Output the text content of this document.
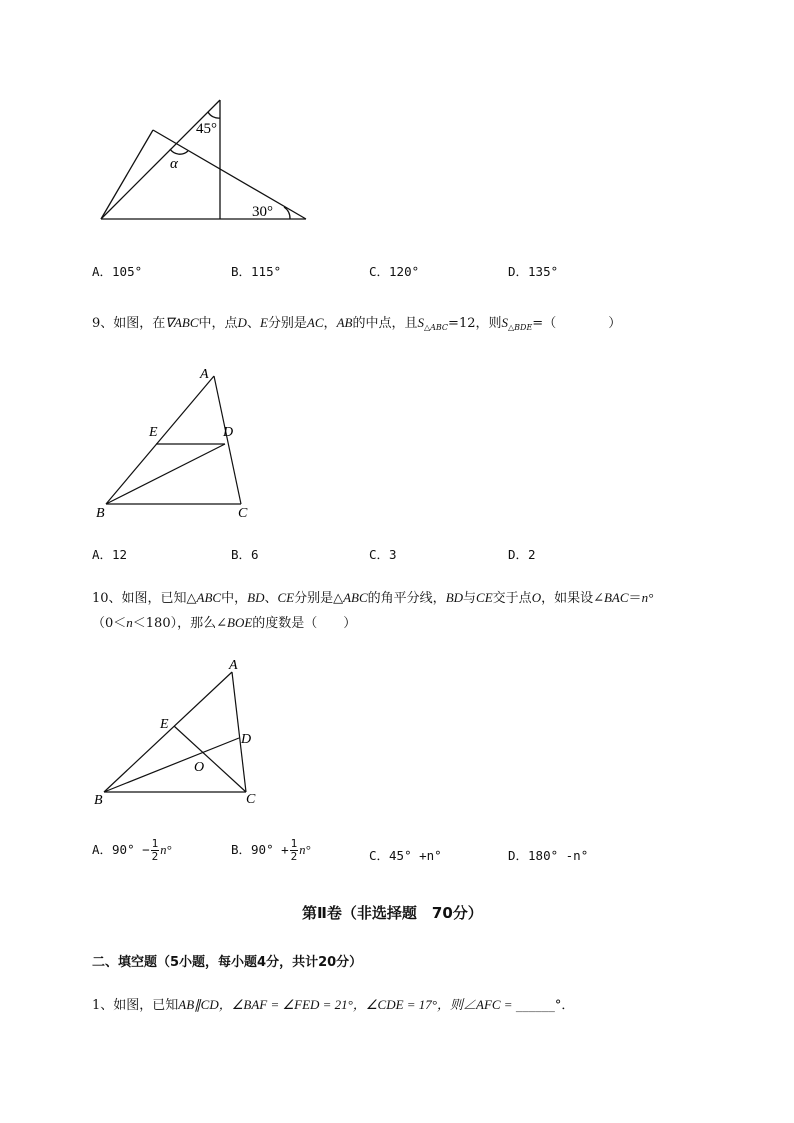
45°
α
30°
A．105°	B．115°	C．120°	D．135°
9、如图，在∇ABC中，点D、E分别是AC，AB的中点，且$S_{\triangle ABC}=12$，则$S_{\triangle BDE}=$（　　　　）
A
E	D
B	C
A．12	B．6	C．3	D．2
10、如图，已知△ABC中，BD、CE分别是△ABC的角平分线，BD与CE交于点O，如果设∠BAC＝n°
（0＜n＜180），那么∠BOE的度数是（　　）
A
E
D
O
B	C
A．$90^\circ - \frac{1}{2} n^\circ$	B．$90^\circ + \frac{1}{2} n^\circ$	C．45° +n°	D．180° -n°
第Ⅱ卷（非选择题　70分）
二、填空题（5小题，每小题4分，共计20分）
1、如图，已知AB∥CD，∠BAF = ∠FED = 21°，∠CDE = 17°，则∠AFC = ______°．
